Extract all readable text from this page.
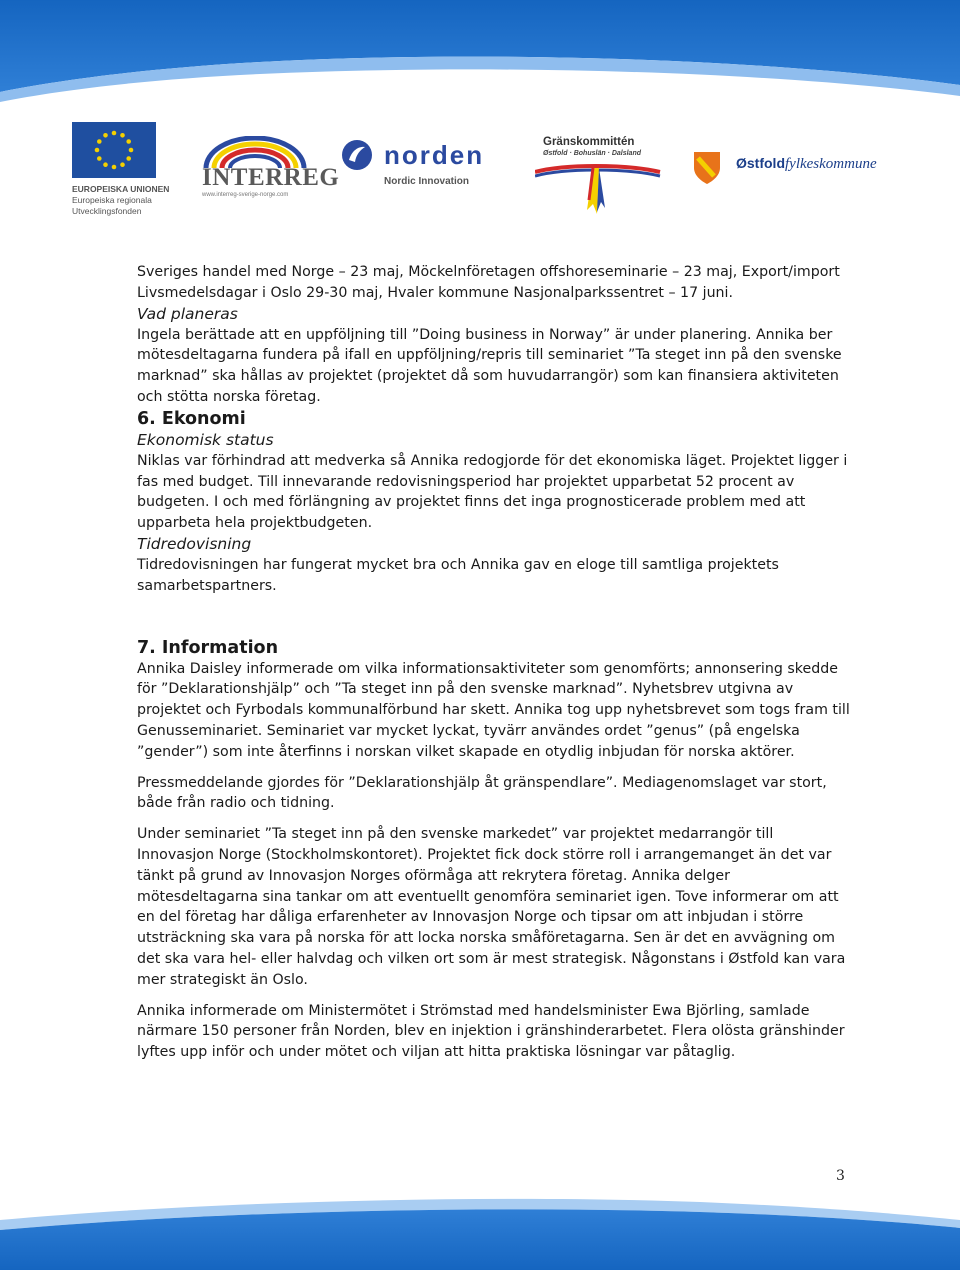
EUROPEISKA UNIONEN
Europeiska regionala
Utvecklingsfonden
INTERREG
www.interreg-sverige-norge.com
norden
Nordic Innovation
Gränskommittén
Østfold · Bohuslän · Dalsland
Østfoldfylkeskommune

Sveriges handel med Norge – 23 maj, Möckelnföretagen offshoreseminarie – 23 maj, Export/import Livsmedelsdagar i Oslo 29-30 maj, Hvaler kommune Nasjonalparkssentret – 17 juni.

Vad planeras

Ingela berättade att en uppföljning till ”Doing business in Norway” är under planering. Annika ber mötesdeltagarna fundera på ifall en uppföljning/repris till seminariet ”Ta steget inn på den svenske marknad” ska hållas av projektet (projektet då som huvudarrangör) som kan finansiera aktiviteten och stötta norska företag.

6. Ekonomi

Ekonomisk status

Niklas var förhindrad att medverka så Annika redogjorde för det ekonomiska läget. Projektet ligger i fas med budget. Till innevarande redovisningsperiod har projektet upparbetat 52 procent av budgeten. I och med förlängning av projektet finns det inga prognosticerade problem med att upparbeta hela projektbudgeten.

Tidredovisning

Tidredovisningen har fungerat mycket bra och Annika gav en eloge till samtliga projektets samarbetspartners.

7. Information

Annika Daisley informerade om vilka informationsaktiviteter som genomförts; annonsering skedde för ”Deklarationshjälp” och ”Ta steget inn på den svenske marknad”. Nyhetsbrev utgivna av projektet och Fyrbodals kommunalförbund har skett. Annika tog upp nyhetsbrevet som togs fram till Genusseminariet. Seminariet var mycket lyckat, tyvärr användes ordet ”genus” (på engelska ”gender”) som inte återfinns i norskan vilket skapade en otydlig inbjudan för norska aktörer.

Pressmeddelande gjordes för ”Deklarationshjälp åt gränspendlare”. Mediagenomslaget var stort, både från radio och tidning.

Under seminariet ”Ta steget inn på den svenske markedet” var projektet medarrangör till Innovasjon Norge (Stockholmskontoret). Projektet fick dock större roll i arrangemanget än det var tänkt på grund av Innovasjon Norges oförmåga att rekrytera företag. Annika delger mötesdeltagarna sina tankar om att eventuellt genomföra seminariet igen. Tove informerar om att en del företag har dåliga erfarenheter av Innovasjon Norge och tipsar om att inbjudan i större utsträckning ska vara på norska för att locka norska småföretagarna. Sen är det en avvägning om det ska vara hel- eller halvdag och vilken ort som är mest strategisk. Någonstans i Østfold kan vara mer strategiskt än Oslo.

Annika informerade om Ministermötet i Strömstad med handelsminister Ewa Björling, samlade närmare 150 personer från Norden, blev en injektion i gränshinderarbetet. Flera olösta gränshinder lyftes upp inför och under mötet och viljan att hitta praktiska lösningar var påtaglig.

3
